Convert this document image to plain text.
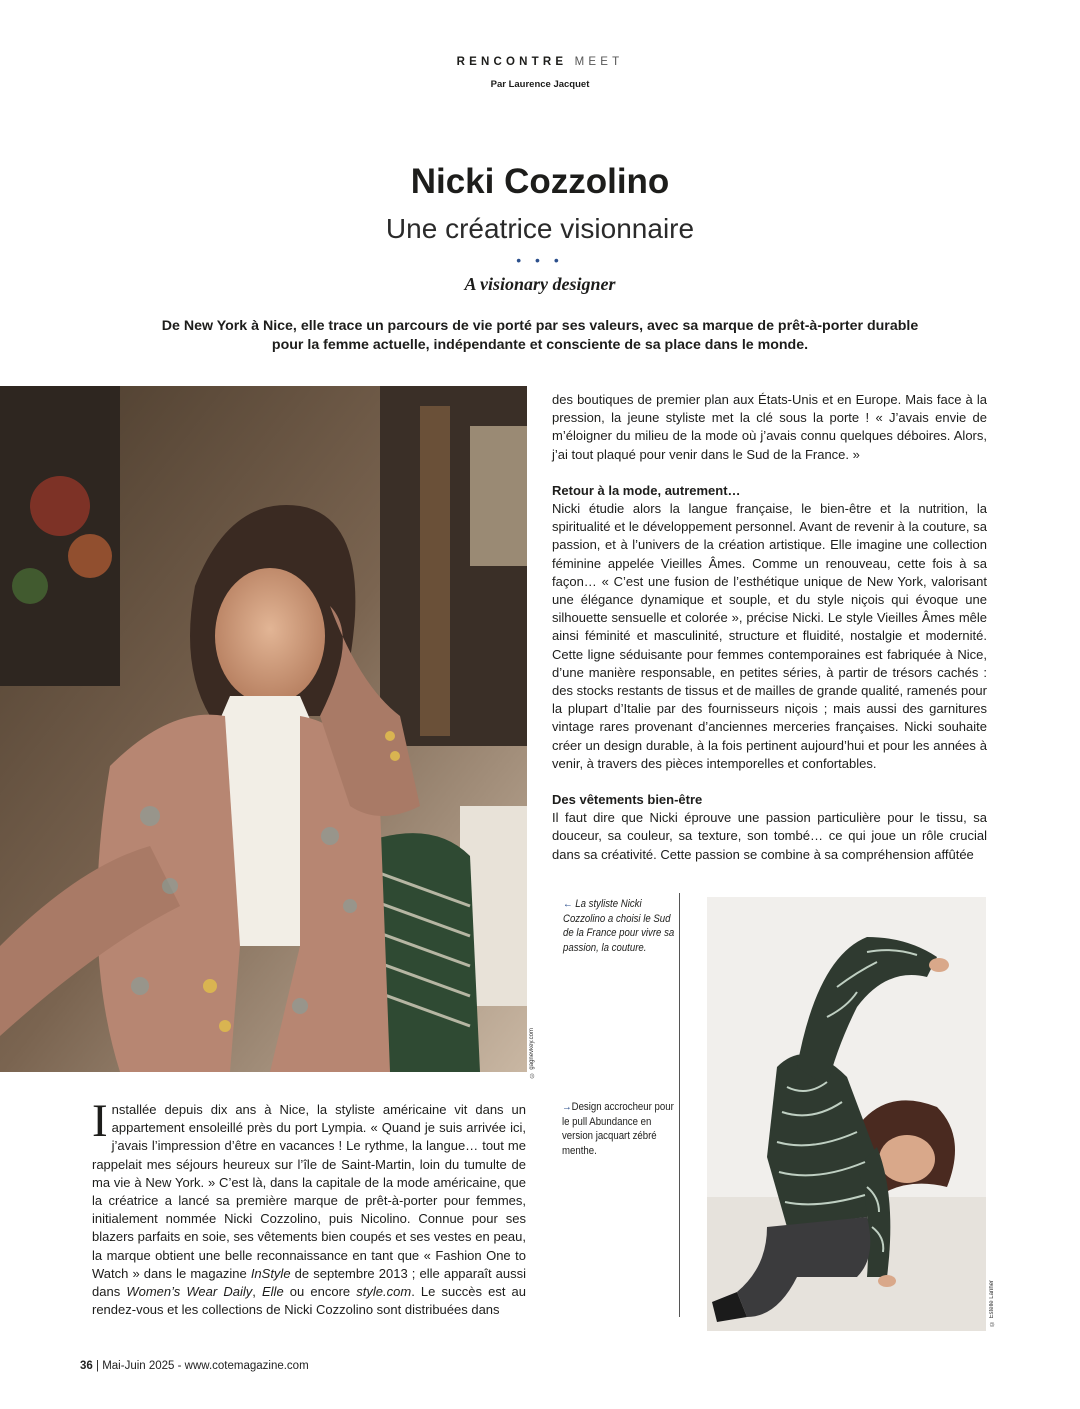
RENCONTRE MEET
Par Laurence Jacquet
Nicki Cozzolino
Une créatrice visionnaire
• • •
A visionary designer
De New York à Nice, elle trace un parcours de vie porté par ses valeurs, avec sa marque de prêt-à-porter durable
pour la femme actuelle, indépendante et consciente de sa place dans le monde.
© gagnevkey.com

des boutiques de premier plan aux États-Unis et en Europe. Mais face à la pression, la jeune styliste met la clé sous la porte ! « J’avais envie de m’éloigner du milieu de la mode où j’avais connu quelques déboires. Alors, j’ai tout plaqué pour venir dans le Sud de la France. »

Retour à la mode, autrement…

Nicki étudie alors la langue française, le bien-être et la nutrition, la spiritualité et le développement personnel. Avant de revenir à la couture, sa passion, et à l’univers de la création artistique. Elle imagine une collection féminine appelée Vieilles Âmes. Comme un renouveau, cette fois à sa façon… « C’est une fusion de l’esthétique unique de New York, valorisant une élégance dynamique et souple, et du style niçois qui évoque une silhouette sensuelle et colorée », précise Nicki. Le style Vieilles Âmes mêle ainsi féminité et masculinité, structure et fluidité, nostalgie et modernité. Cette ligne séduisante pour femmes contemporaines est fabriquée à Nice, d’une manière responsable, en petites séries, à partir de trésors cachés : des stocks restants de tissus et de mailles de grande qualité, ramenés pour la plupart d’Italie par des fournisseurs niçois ; mais aussi des garnitures vintage rares provenant d’anciennes merceries françaises. Nicki souhaite créer un design durable, à la fois pertinent aujourd’hui et pour les années à venir, à travers des pièces intemporelles et confortables.

Des vêtements bien-être

Il faut dire que Nicki éprouve une passion particulière pour le tissu, sa douceur, sa couleur, sa texture, son tombé… ce qui joue un rôle crucial dans sa créativité. Cette passion se combine à sa compréhension affûtée

← La styliste Nicki Cozzolino a choisi le Sud de la France pour vivre sa passion, la couture.
→Design accrocheur pour le pull Abundance en version jacquart zébré menthe.
© Estelle Lanher

Installée depuis dix ans à Nice, la styliste américaine vit dans un appartement ensoleillé près du port Lympia. « Quand je suis arrivée ici, j’avais l’impression d’être en vacances ! Le rythme, la langue… tout me rappelait mes séjours heureux sur l’île de Saint-Martin, loin du tumulte de ma vie à New York. » C’est là, dans la capitale de la mode américaine, que la créatrice a lancé sa première marque de prêt-à-porter pour femmes, initialement nommée Nicki Cozzolino, puis Nicolino. Connue pour ses blazers parfaits en soie, ses vêtements bien coupés et ses vestes en peau, la marque obtient une belle reconnaissance en tant que « Fashion One to Watch » dans le magazine InStyle de septembre 2013 ; elle apparaît aussi dans Women’s Wear Daily, Elle ou encore style.com. Le succès est au rendez-vous et les collections de Nicki Cozzolino sont distribuées dans

36 | Mai-Juin 2025 - www.cotemagazine.com
